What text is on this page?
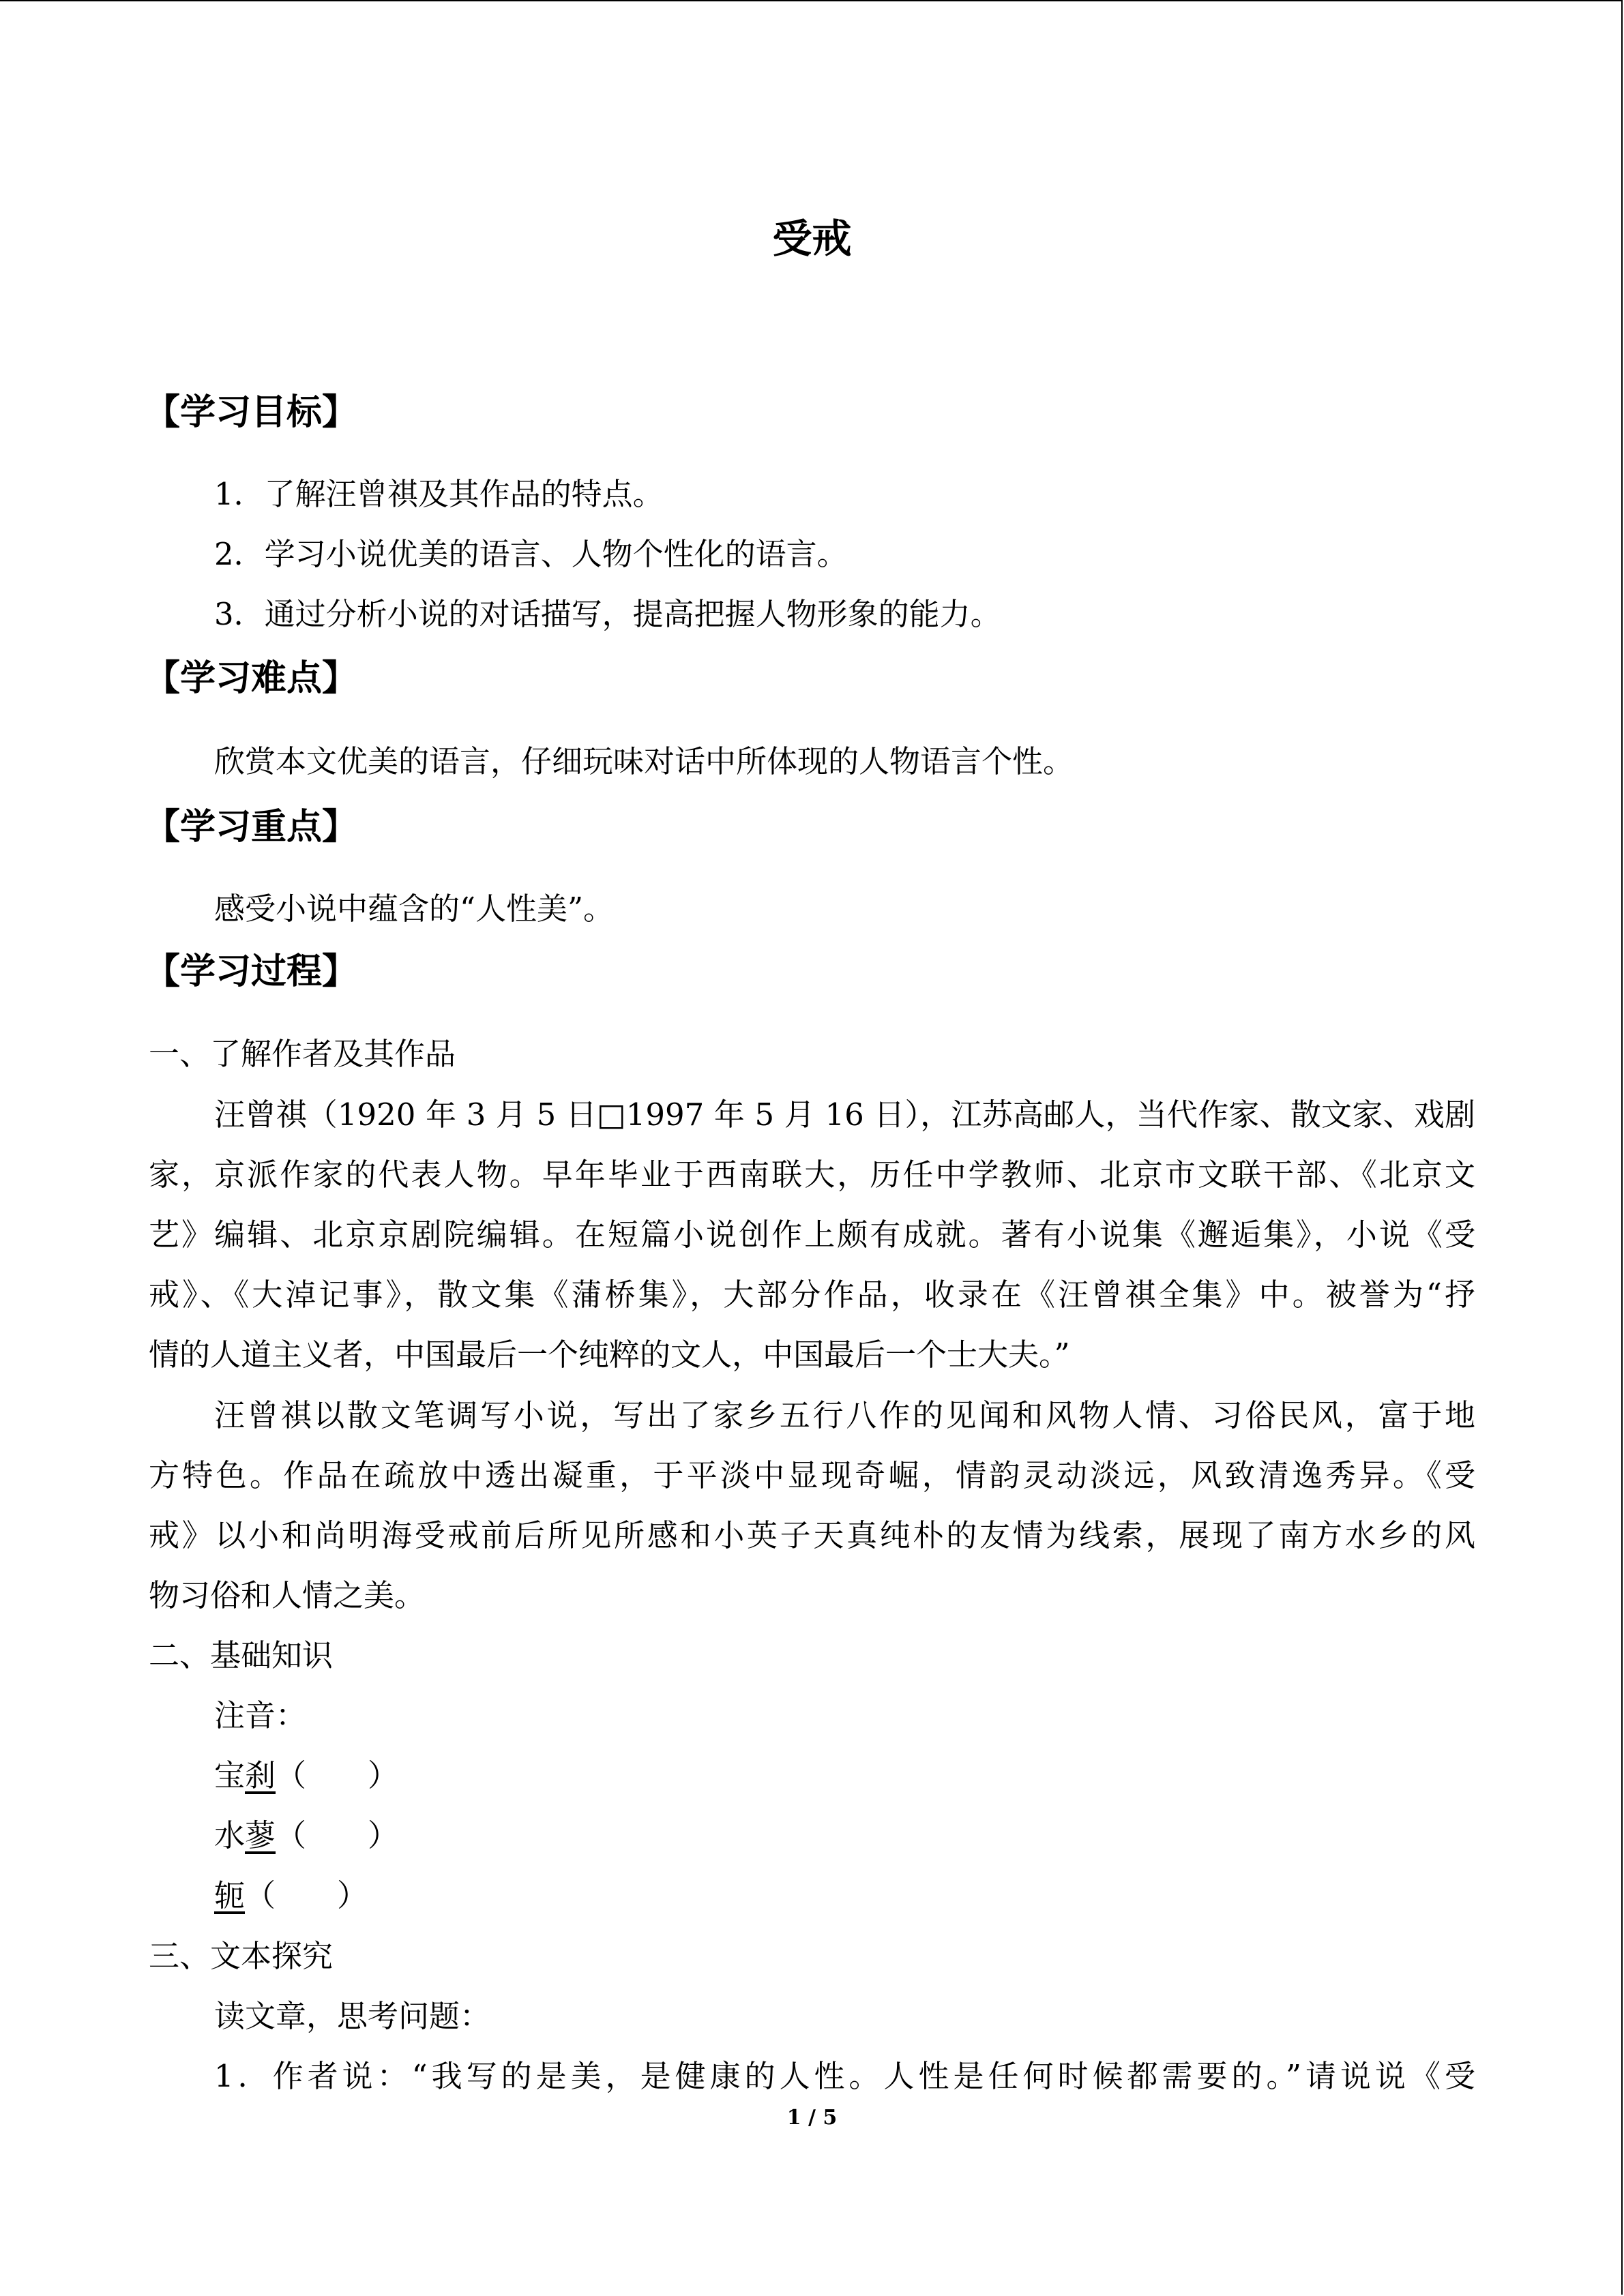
受戒
【学习目标】
1．了解汪曾祺及其作品的特点。
2．学习小说优美的语言、人物个性化的语言。
3．通过分析小说的对话描写，提高把握人物形象的能力。
【学习难点】
欣赏本文优美的语言，仔细玩味对话中所体现的人物语言个性。
【学习重点】
感受小说中蕴含的“人性美”。
【学习过程】
一、了解作者及其作品
汪曾祺（1920 年 3 月 5 日□1997 年 5 月 16 日），江苏高邮人，当代作家、散文家、戏剧
家，京派作家的代表人物。早年毕业于西南联大，历任中学教师、北京市文联干部、《北京文
艺》编辑、北京京剧院编辑。在短篇小说创作上颇有成就。著有小说集《邂逅集》，小说《受
戒》、《大淖记事》，散文集《蒲桥集》，大部分作品，收录在《汪曾祺全集》中。被誉为“抒
情的人道主义者，中国最后一个纯粹的文人，中国最后一个士大夫。”
汪曾祺以散文笔调写小说，写出了家乡五行八作的见闻和风物人情、习俗民风，富于地
方特色。作品在疏放中透出凝重，于平淡中显现奇崛，情韵灵动淡远，风致清逸秀异。《受
戒》以小和尚明海受戒前后所见所感和小英子天真纯朴的友情为线索，展现了南方水乡的风
物习俗和人情之美。
二、基础知识
注音：
宝刹（　　）
水蓼（　　）
轭（　　）
三、文本探究
读文章，思考问题：
1．作者说：“我写的是美，是健康的人性。人性是任何时候都需要的。”请说说《受
1 / 5
